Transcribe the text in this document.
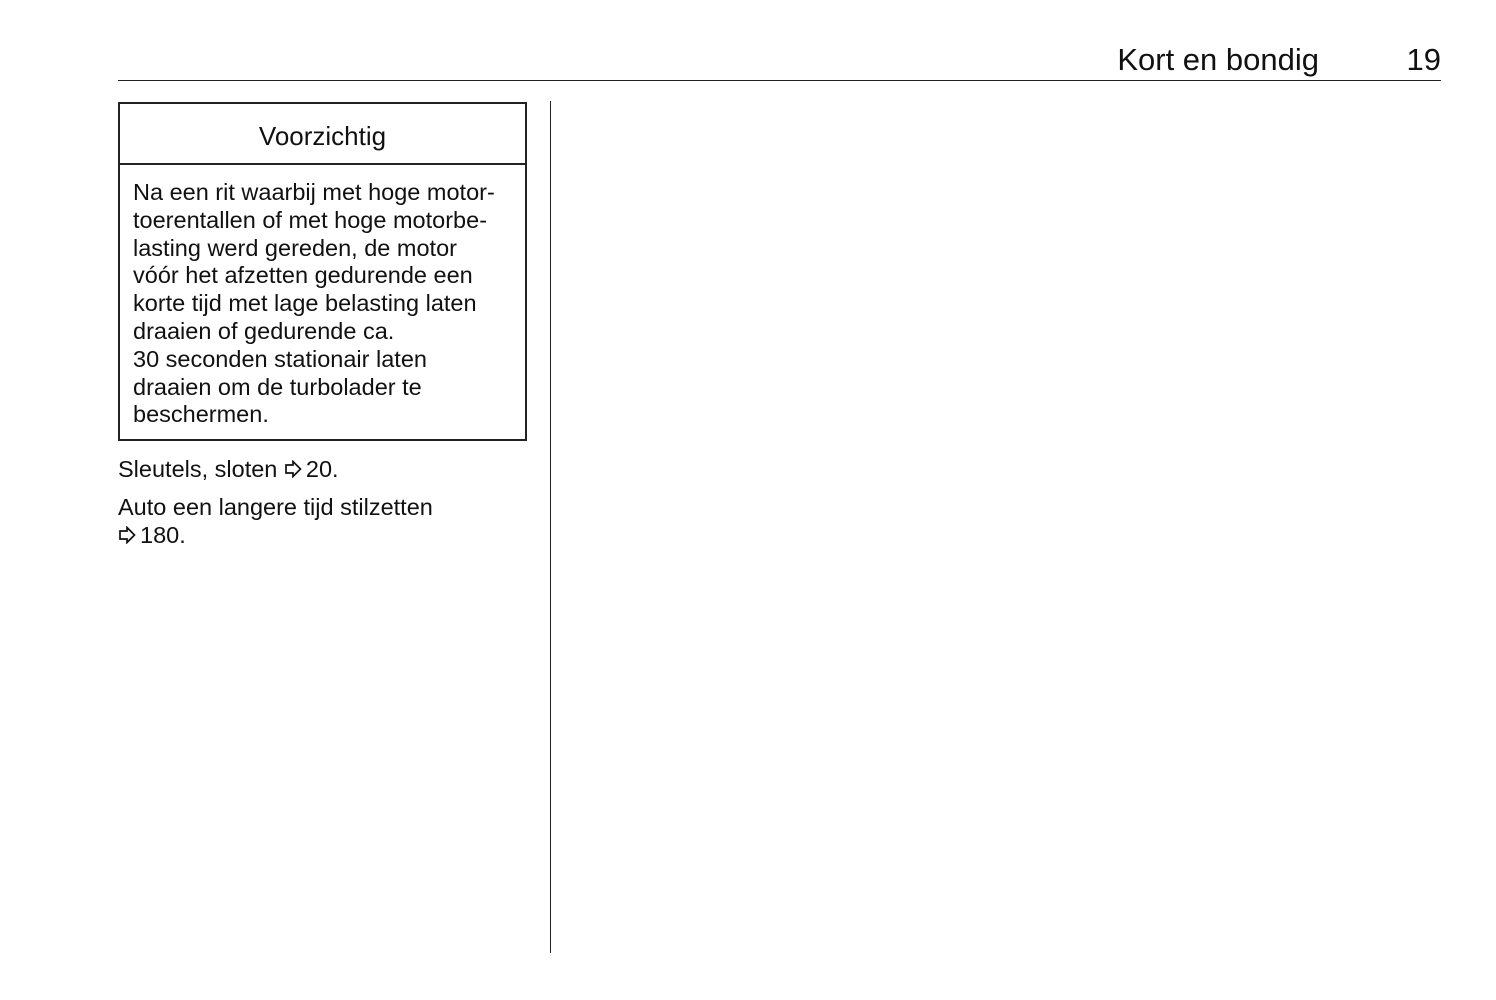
Kort en bondig	19
Voorzichtig
Na een rit waarbij met hoge motor-
toerentallen of met hoge motorbe-
lasting werd gereden, de motor
vóór het afzetten gedurende een
korte tijd met lage belasting laten
draaien of gedurende ca.
30 seconden stationair laten
draaien om de turbolader te
beschermen.
Sleutels, sloten 20.
Auto een langere tijd stilzetten
180.
